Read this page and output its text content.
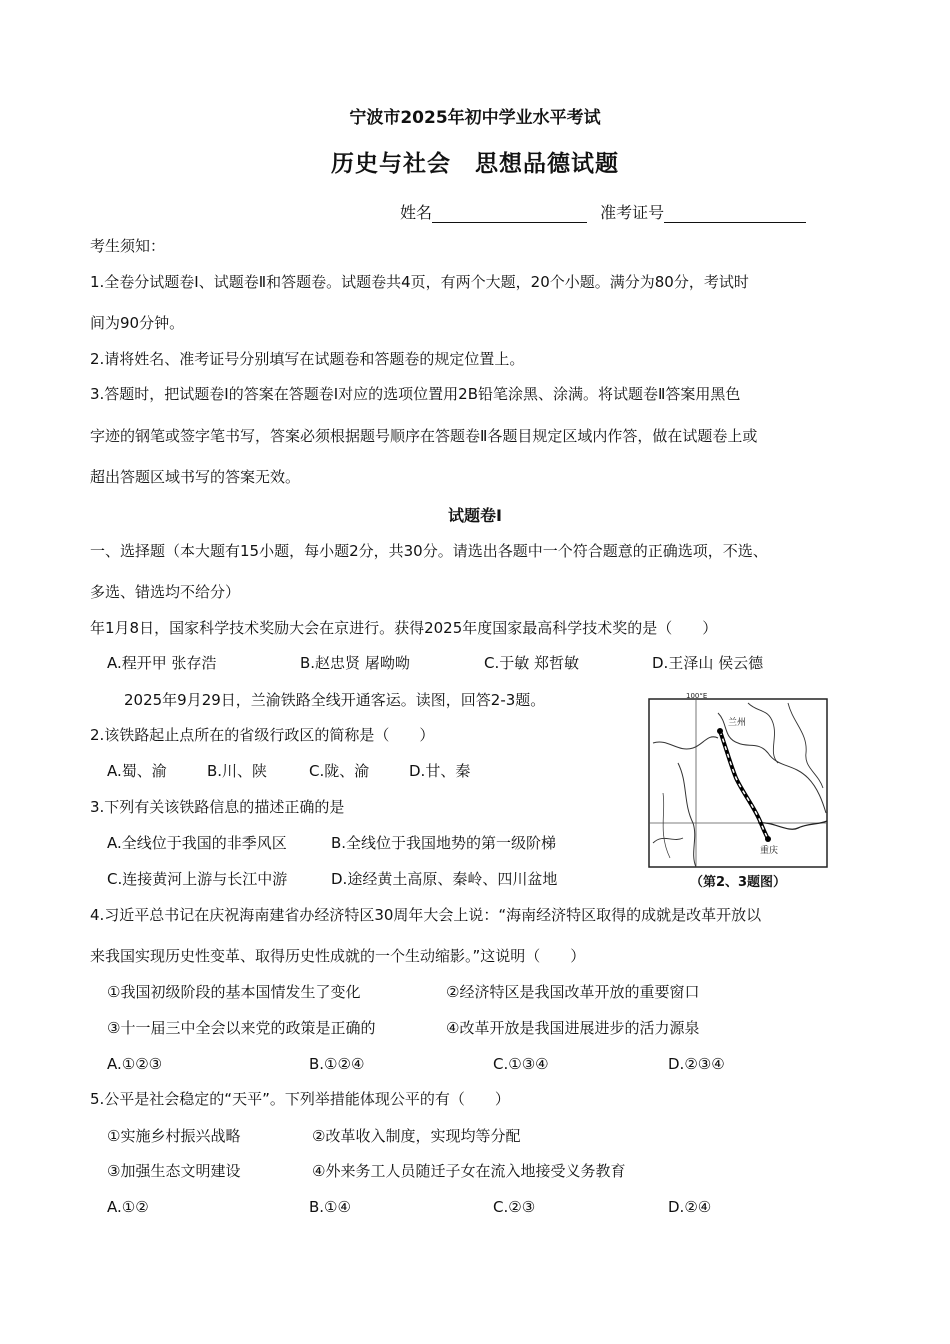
宁波市2025年初中学业水平考试
历史与社会　思想品德试题
姓名	准考证号
考生须知：
1.全卷分试题卷Ⅰ、试题卷Ⅱ和答题卷。试题卷共4页，有两个大题，20个小题。满分为80分，考试时
间为90分钟。
2.请将姓名、准考证号分别填写在试题卷和答题卷的规定位置上。
3.答题时，把试题卷Ⅰ的答案在答题卷Ⅰ对应的选项位置用2B铅笔涂黑、涂满。将试题卷Ⅱ答案用黑色
字迹的钢笔或签字笔书写，答案必须根据题号顺序在答题卷Ⅱ各题目规定区域内作答，做在试题卷上或
超出答题区域书写的答案无效。
试题卷Ⅰ
一、选择题（本大题有15小题，每小题2分，共30分。请选出各题中一个符合题意的正确选项，不选、
多选、错选均不给分）
年1月8日，国家科学技术奖励大会在京进行。获得2025年度国家最高科学技术奖的是（　　）
A.程开甲 张存浩	B.赵忠贤 屠呦呦	C.于敏 郑哲敏	D.王泽山 侯云德
2025年9月29日，兰渝铁路全线开通客运。读图，回答2-3题。
2.该铁路起止点所在的省级行政区的简称是（　　）
A.蜀、渝	B.川、陕	C.陇、渝	D.甘、秦
3.下列有关该铁路信息的描述正确的是
A.全线位于我国的非季风区	B.全线位于我国地势的第一级阶梯
C.连接黄河上游与长江中游	D.途经黄土高原、秦岭、四川盆地
100°E
兰州
重庆
（第2、3题图）
4.习近平总书记在庆祝海南建省办经济特区30周年大会上说：“海南经济特区取得的成就是改革开放以
来我国实现历史性变革、取得历史性成就的一个生动缩影。”这说明（　　）
①我国初级阶段的基本国情发生了变化	②经济特区是我国改革开放的重要窗口
③十一届三中全会以来党的政策是正确的	④改革开放是我国进展进步的活力源泉
A.①②③	B.①②④	C.①③④	D.②③④
5.公平是社会稳定的“天平”。下列举措能体现公平的有（　　）
①实施乡村振兴战略	②改革收入制度，实现均等分配
③加强生态文明建设	④外来务工人员随迁子女在流入地接受义务教育
A.①②	B.①④	C.②③	D.②④
